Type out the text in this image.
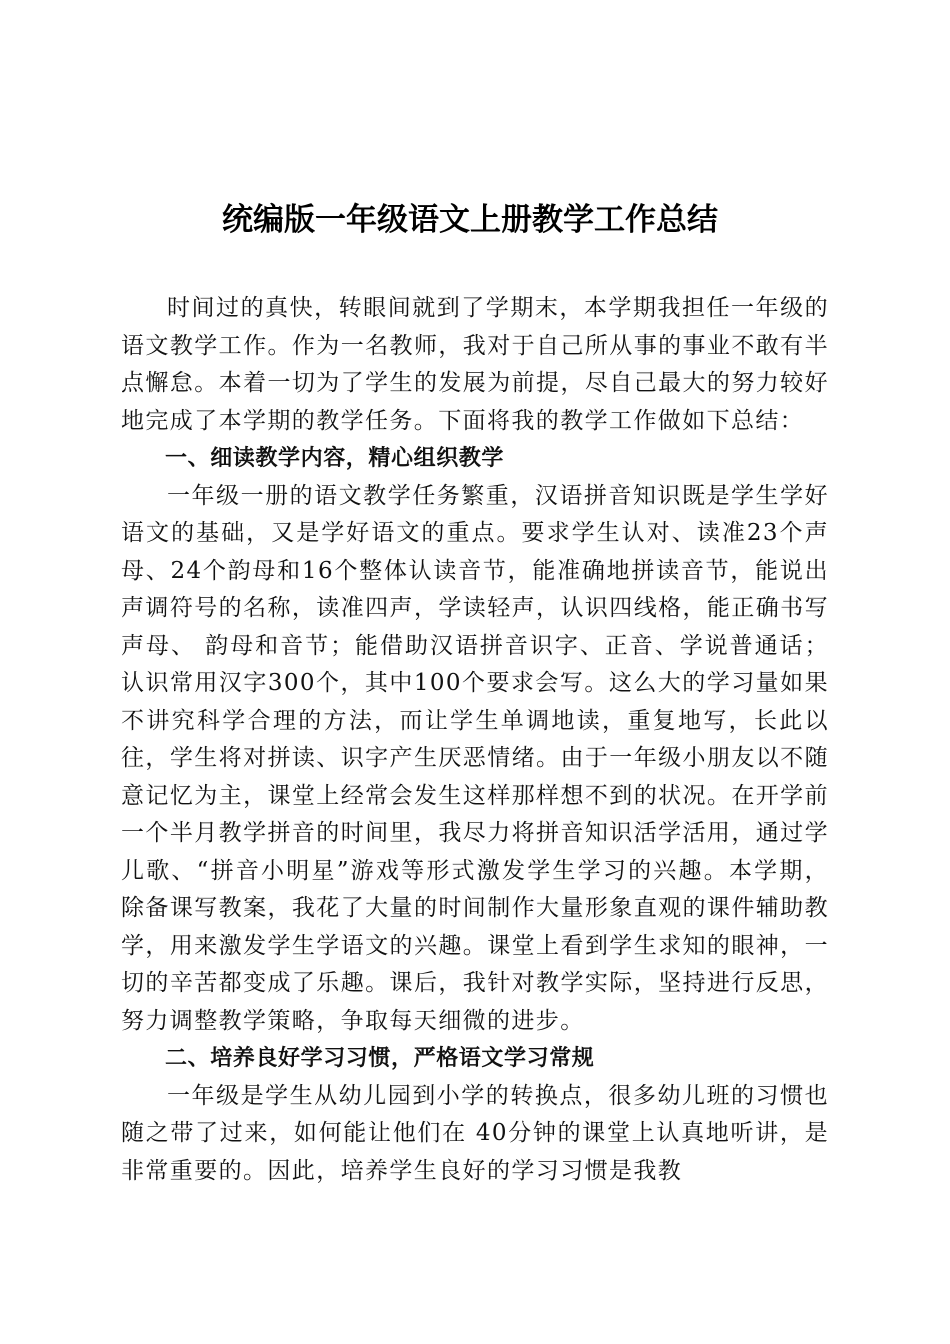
统编版一年级语文上册教学工作总结

时间过的真快，转眼间就到了学期末，本学期我担任一年级的语文教学工作。作为一名教师，我对于自己所从事的事业不敢有半点懈怠。本着一切为了学生的发展为前提，尽自己最大的努力较好地完成了本学期的教学任务。下面将我的教学工作做如下总结：

一、细读教学内容，精心组织教学

一年级一册的语文教学任务繁重，汉语拼音知识既是学生学好语文的基础，又是学好语文的重点。要求学生认对、读准23个声母、24个韵母和16个整体认读音节，能准确地拼读音节，能说出声调符号的名称，读准四声，学读轻声，认识四线格，能正确书写声母、 韵母和音节；能借助汉语拼音识字、正音、学说普通话；认识常用汉字300个，其中100个要求会写。这么大的学习量如果不讲究科学合理的方法，而让学生单调地读，重复地写，长此以往，学生将对拼读、识字产生厌恶情绪。由于一年级小朋友以不随意记忆为主，课堂上经常会发生这样那样想不到的状况。在开学前一个半月教学拼音的时间里，我尽力将拼音知识活学活用，通过学儿歌、“拼音小明星”游戏等形式激发学生学习的兴趣。本学期，除备课写教案，我花了大量的时间制作大量形象直观的课件辅助教学，用来激发学生学语文的兴趣。课堂上看到学生求知的眼神，一切的辛苦都变成了乐趣。课后，我针对教学实际，坚持进行反思，努力调整教学策略，争取每天细微的进步。

二、培养良好学习习惯，严格语文学习常规

一年级是学生从幼儿园到小学的转换点，很多幼儿班的习惯也随之带了过来，如何能让他们在 40分钟的课堂上认真地听讲，是非常重要的。因此，培养学生良好的学习习惯是我教
